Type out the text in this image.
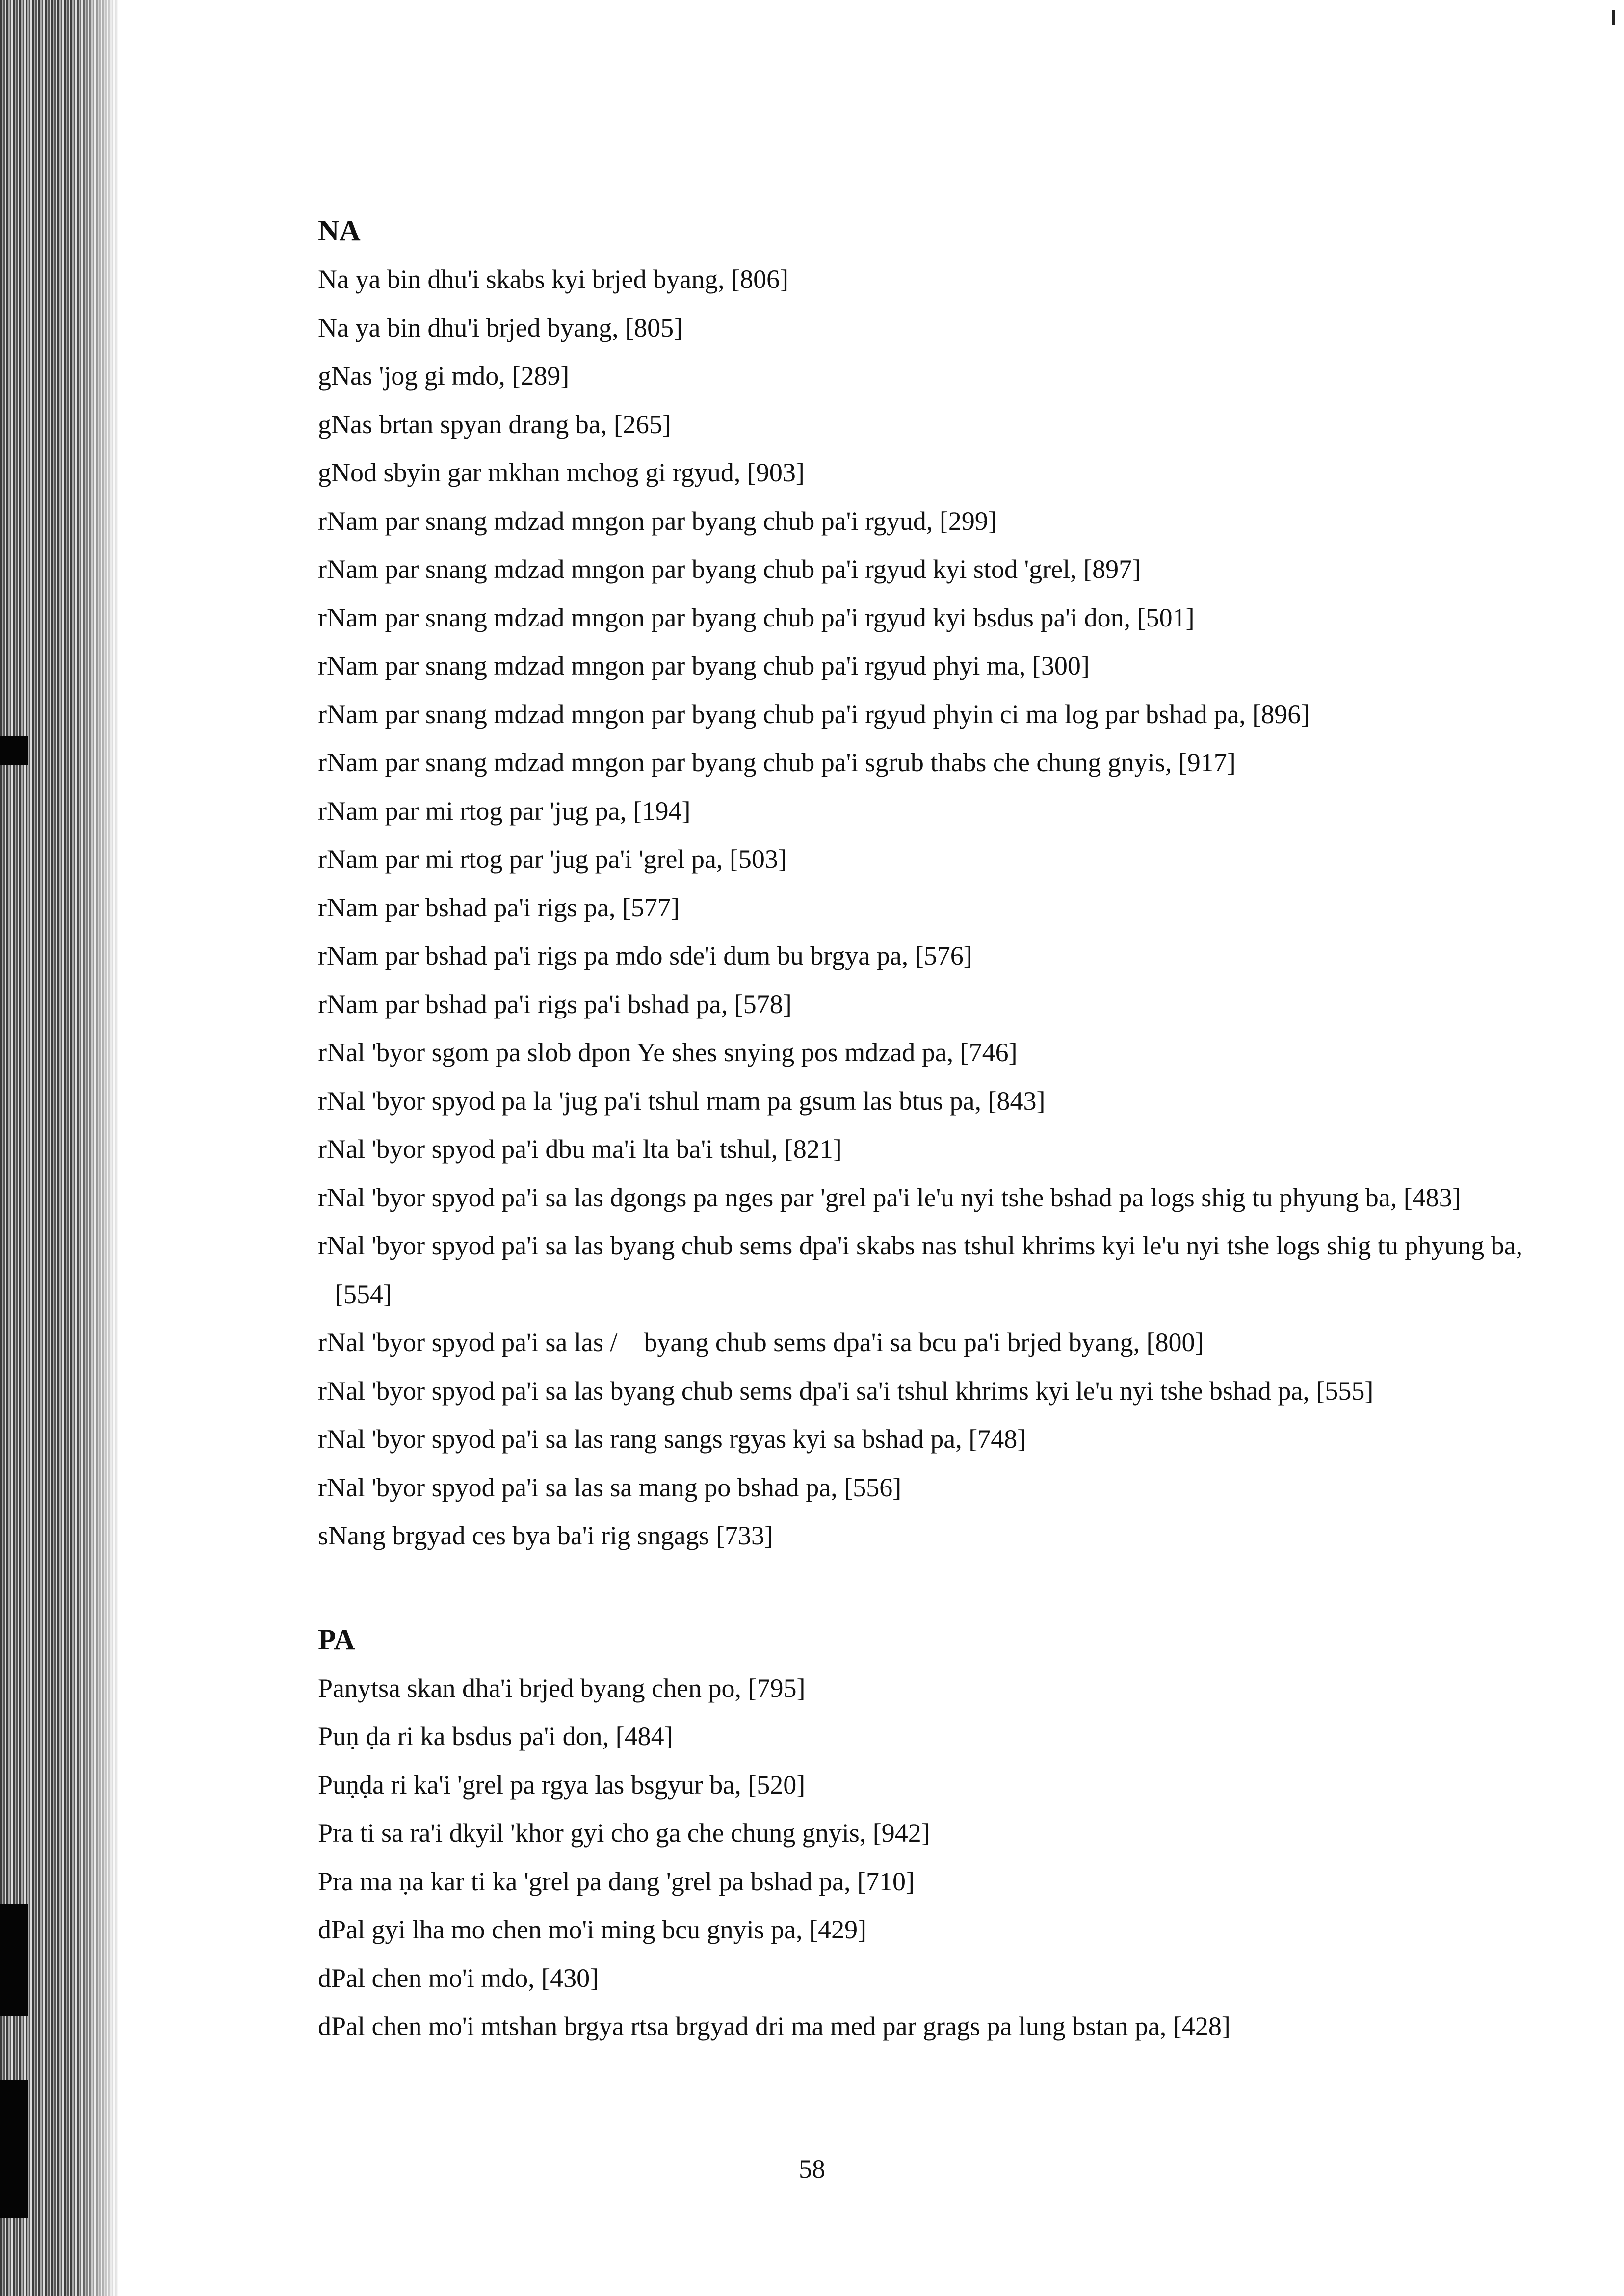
NA

Na ya bin dhu'i skabs kyi brjed byang, [806]

Na ya bin dhu'i brjed byang, [805]

gNas 'jog gi mdo, [289]

gNas brtan spyan drang ba, [265]

gNod sbyin gar mkhan mchog gi rgyud, [903]

rNam par snang mdzad mngon par byang chub pa'i rgyud, [299]

rNam par snang mdzad mngon par byang chub pa'i rgyud kyi stod 'grel, [897]

rNam par snang mdzad mngon par byang chub pa'i rgyud kyi bsdus pa'i don, [501]

rNam par snang mdzad mngon par byang chub pa'i rgyud phyi ma, [300]

rNam par snang mdzad mngon par byang chub pa'i rgyud phyin ci ma log par bshad pa, [896]

rNam par snang mdzad mngon par byang chub pa'i sgrub thabs che chung gnyis, [917]

rNam par mi rtog par 'jug pa, [194]

rNam par mi rtog par 'jug pa'i 'grel pa, [503]

rNam par bshad pa'i rigs pa, [577]

rNam par bshad pa'i rigs pa mdo sde'i dum bu brgya pa, [576]

rNam par bshad pa'i rigs pa'i bshad pa, [578]

rNal 'byor sgom pa slob dpon Ye shes snying pos mdzad pa, [746]

rNal 'byor spyod pa la 'jug pa'i tshul rnam pa gsum las btus pa, [843]

rNal 'byor spyod pa'i dbu ma'i lta ba'i tshul, [821]

rNal 'byor spyod pa'i sa las dgongs pa nges par 'grel pa'i le'u nyi tshe bshad pa logs shig tu phyung ba, [483]

rNal 'byor spyod pa'i sa las byang chub sems dpa'i skabs nas tshul khrims kyi le'u nyi tshe logs shig tu phyung ba, [554]

rNal 'byor spyod pa'i sa las /    byang chub sems dpa'i sa bcu pa'i brjed byang, [800]

rNal 'byor spyod pa'i sa las byang chub sems dpa'i sa'i tshul khrims kyi le'u nyi tshe bshad pa, [555]

rNal 'byor spyod pa'i sa las rang sangs rgyas kyi sa bshad pa, [748]

rNal 'byor spyod pa'i sa las sa mang po bshad pa, [556]

sNang brgyad ces bya ba'i rig sngags [733]

PA

Panytsa skan dha'i brjed byang chen po, [795]

Puṇ ḍa ri ka bsdus pa'i don, [484]

Puṇḍa ri ka'i 'grel pa rgya las bsgyur ba, [520]

Pra ti sa ra'i dkyil 'khor gyi cho ga che chung gnyis, [942]

Pra ma ṇa kar ti ka 'grel pa dang 'grel pa bshad pa, [710]

dPal gyi lha mo chen mo'i ming bcu gnyis pa, [429]

dPal chen mo'i mdo, [430]

dPal chen mo'i mtshan brgya rtsa brgyad dri ma med par grags pa lung bstan pa, [428]

58
